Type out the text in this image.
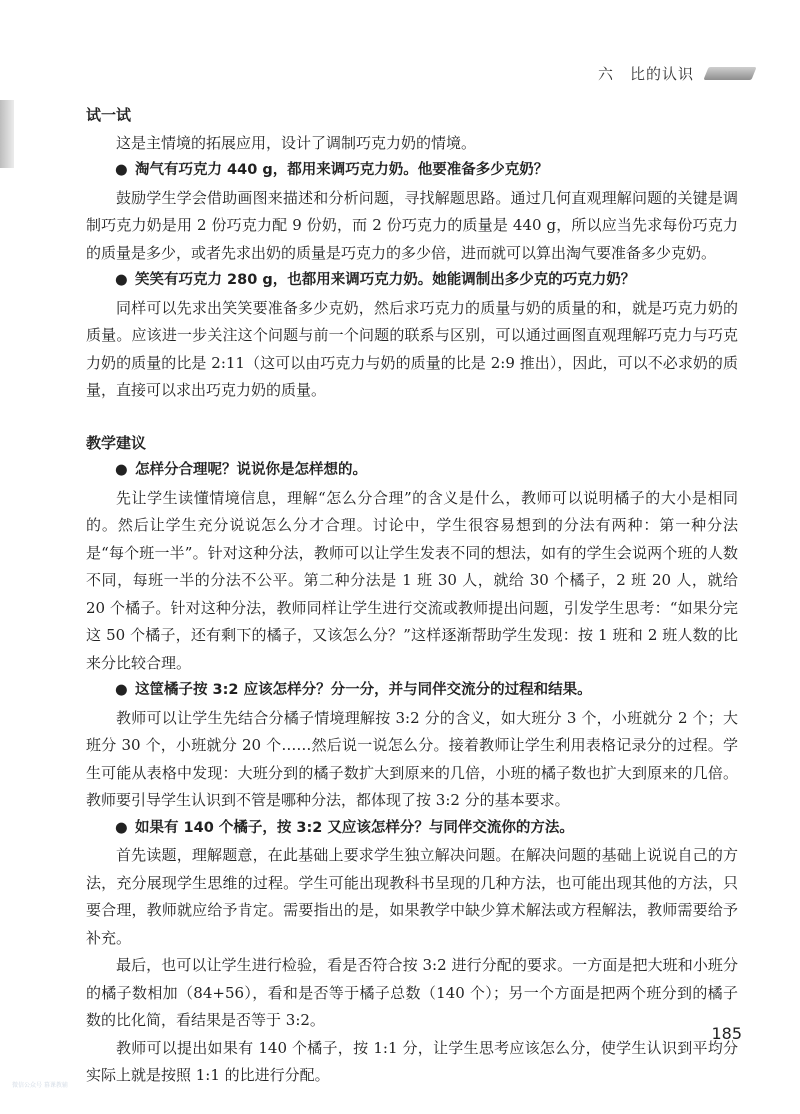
六　比的认识

试一试

这是主情境的拓展应用，设计了调制巧克力奶的情境。

● 淘气有巧克力 440 g，都用来调巧克力奶。他要准备多少克奶？

鼓励学生学会借助画图来描述和分析问题，寻找解题思路。通过几何直观理解问题的关键是调制巧克力奶是用 2 份巧克力配 9 份奶，而 2 份巧克力的质量是 440 g，所以应当先求每份巧克力的质量是多少，或者先求出奶的质量是巧克力的多少倍，进而就可以算出淘气要准备多少克奶。

● 笑笑有巧克力 280 g，也都用来调巧克力奶。她能调制出多少克的巧克力奶？

同样可以先求出笑笑要准备多少克奶，然后求巧克力的质量与奶的质量的和，就是巧克力奶的质量。应该进一步关注这个问题与前一个问题的联系与区别，可以通过画图直观理解巧克力与巧克力奶的质量的比是 2:11（这可以由巧克力与奶的质量的比是 2:9 推出），因此，可以不必求奶的质量，直接可以求出巧克力奶的质量。

教学建议

● 怎样分合理呢？说说你是怎样想的。

先让学生读懂情境信息，理解“怎么分合理”的含义是什么，教师可以说明橘子的大小是相同的。然后让学生充分说说怎么分才合理。讨论中，学生很容易想到的分法有两种：第一种分法是“每个班一半”。针对这种分法，教师可以让学生发表不同的想法，如有的学生会说两个班的人数不同，每班一半的分法不公平。第二种分法是 1 班 30 人，就给 30 个橘子，2 班 20 人，就给 20 个橘子。针对这种分法，教师同样让学生进行交流或教师提出问题，引发学生思考：“如果分完这 50 个橘子，还有剩下的橘子，又该怎么分？”这样逐渐帮助学生发现：按 1 班和 2 班人数的比来分比较合理。

● 这筐橘子按 3:2 应该怎样分？分一分，并与同伴交流分的过程和结果。

教师可以让学生先结合分橘子情境理解按 3:2 分的含义，如大班分 3 个，小班就分 2 个；大班分 30 个，小班就分 20 个……然后说一说怎么分。接着教师让学生利用表格记录分的过程。学生可能从表格中发现：大班分到的橘子数扩大到原来的几倍，小班的橘子数也扩大到原来的几倍。教师要引导学生认识到不管是哪种分法，都体现了按 3:2 分的基本要求。

● 如果有 140 个橘子，按 3:2 又应该怎样分？与同伴交流你的方法。

首先读题，理解题意，在此基础上要求学生独立解决问题。在解决问题的基础上说说自己的方法，充分展现学生思维的过程。学生可能出现教科书呈现的几种方法，也可能出现其他的方法，只要合理，教师就应给予肯定。需要指出的是，如果教学中缺少算术解法或方程解法，教师需要给予补充。

最后，也可以让学生进行检验，看是否符合按 3:2 进行分配的要求。一方面是把大班和小班分的橘子数相加（84+56），看和是否等于橘子总数（140 个）；另一个方面是把两个班分到的橘子数的比化简，看结果是否等于 3:2。

教师可以提出如果有 140 个橘子，按 1:1 分，让学生思考应该怎么分，使学生认识到平均分实际上就是按照 1:1 的比进行分配。

185
微信公众号 幕课教辅
